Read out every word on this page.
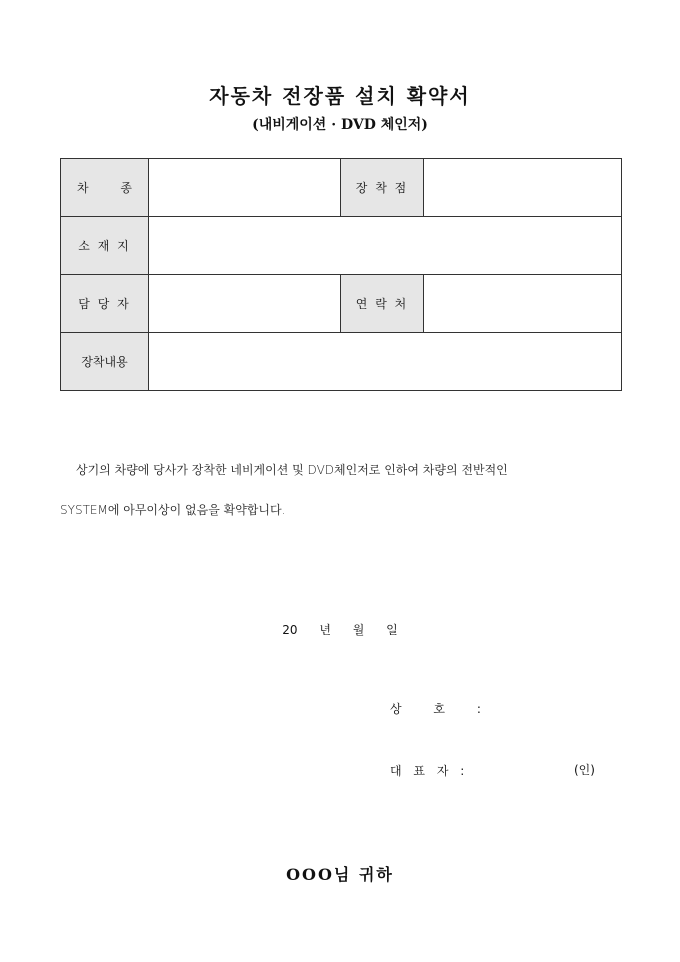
자동차 전장품 설치 확약서
(내비게이션 · DVD 체인저)
차 종		장 착 점	
소 재 지			
담 당 자		연 락 처	
장착내용			
상기의 차량에 당사가 장착한 네비게이션 및 DVD체인저로 인하여 차량의 전반적인
SYSTEM에 아무이상이 없음을 확약합니다.
20 년 월 일
상 호 :
대 표 자 :	(인)
OOO님 귀하
